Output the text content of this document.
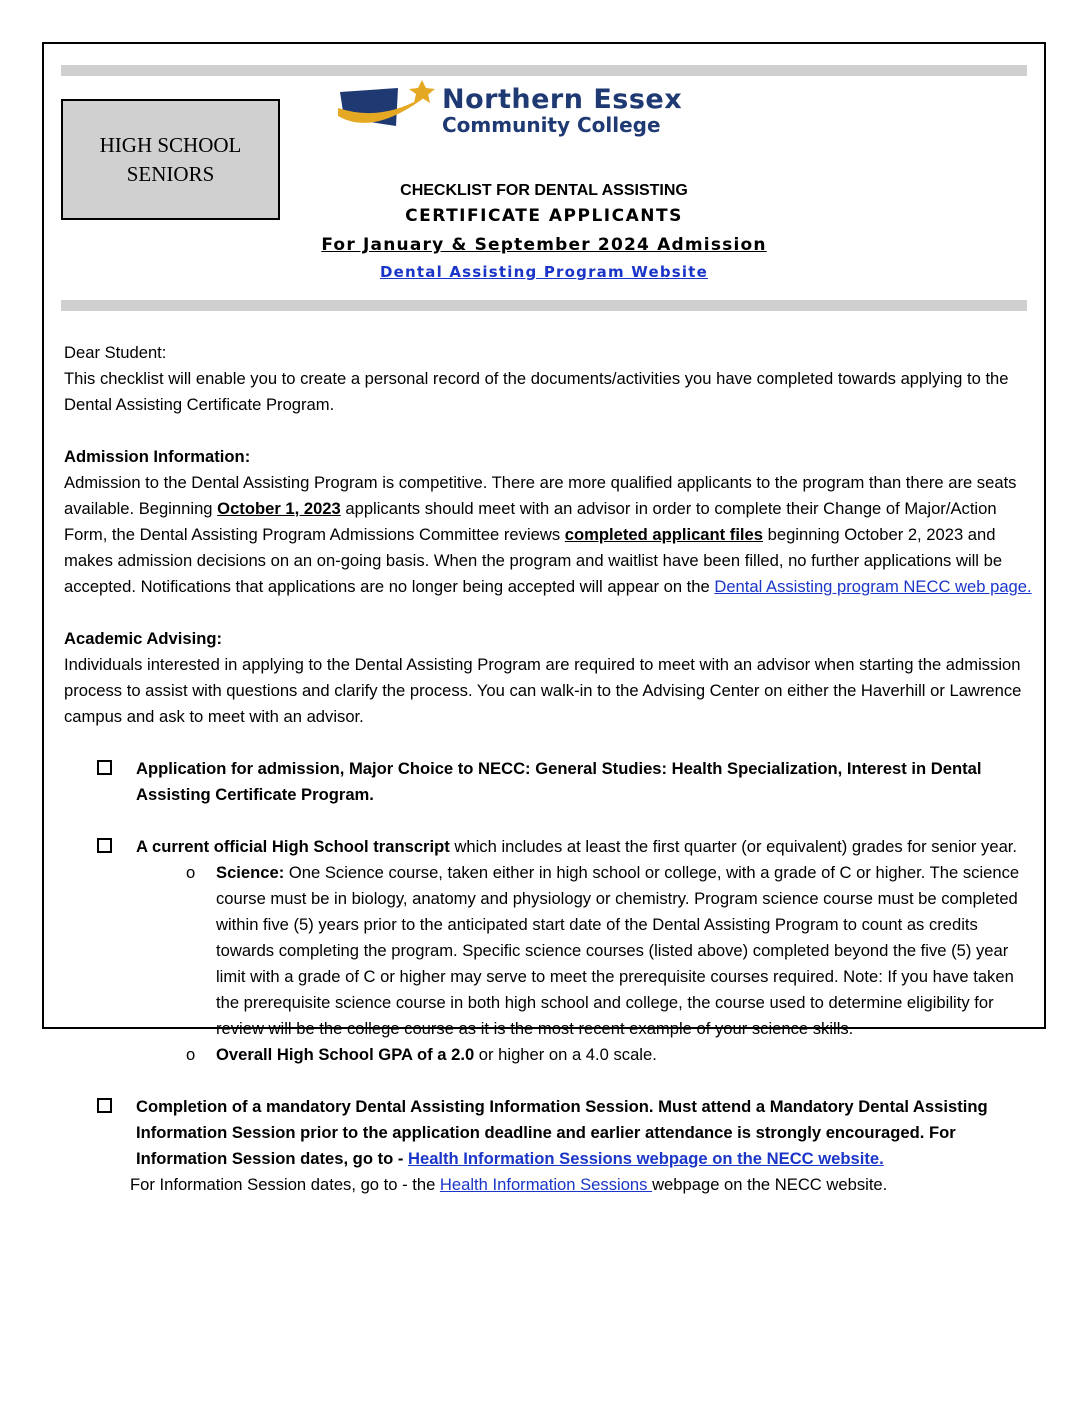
HIGH SCHOOL
SENIORS
Northern Essex
Community College
CHECKLIST FOR DENTAL ASSISTING
CERTIFICATE APPLICANTS
For January & September 2024 Admission
Dental Assisting Program Website

Dear Student:

This checklist will enable you to create a personal record of the documents/activities you have completed towards applying to the Dental Assisting Certificate Program.

Admission Information:

Admission to the Dental Assisting Program is competitive. There are more qualified applicants to the program than there are seats available. Beginning October 1, 2023 applicants should meet with an advisor in order to complete their Change of Major/Action Form, the Dental Assisting Program Admissions Committee reviews completed applicant files beginning October 2, 2023 and makes admission decisions on an on-going basis. When the program and waitlist have been filled, no further applications will be accepted. Notifications that applications are no longer being accepted will appear on the Dental Assisting program NECC web page.

Academic Advising:

Individuals interested in applying to the Dental Assisting Program are required to meet with an advisor when starting the admission process to assist with questions and clarify the process. You can walk-in to the Advising Center on either the Haverhill or Lawrence campus and ask to meet with an advisor.

Application for admission, Major Choice to NECC: General Studies: Health Specialization, Interest in Dental Assisting Certificate Program.

A current official High School transcript which includes at least the first quarter (or equivalent) grades for senior year.

o Science: One Science course, taken either in high school or college, with a grade of C or higher. The science course must be in biology, anatomy and physiology or chemistry. Program science course must be completed within five (5) years prior to the anticipated start date of the Dental Assisting Program to count as credits towards completing the program. Specific science courses (listed above) completed beyond the five (5) year limit with a grade of C or higher may serve to meet the prerequisite courses required. Note: If you have taken the prerequisite science course in both high school and college, the course used to determine eligibility for review will be the college course as it is the most recent example of your science skills.

o Overall High School GPA of a 2.0 or higher on a 4.0 scale.

Completion of a mandatory Dental Assisting Information Session. Must attend a Mandatory Dental Assisting Information Session prior to the application deadline and earlier attendance is strongly encouraged. For Information Session dates, go to - Health Information Sessions webpage on the NECC website.

For Information Session dates, go to - the Health Information Sessions webpage on the NECC website.
